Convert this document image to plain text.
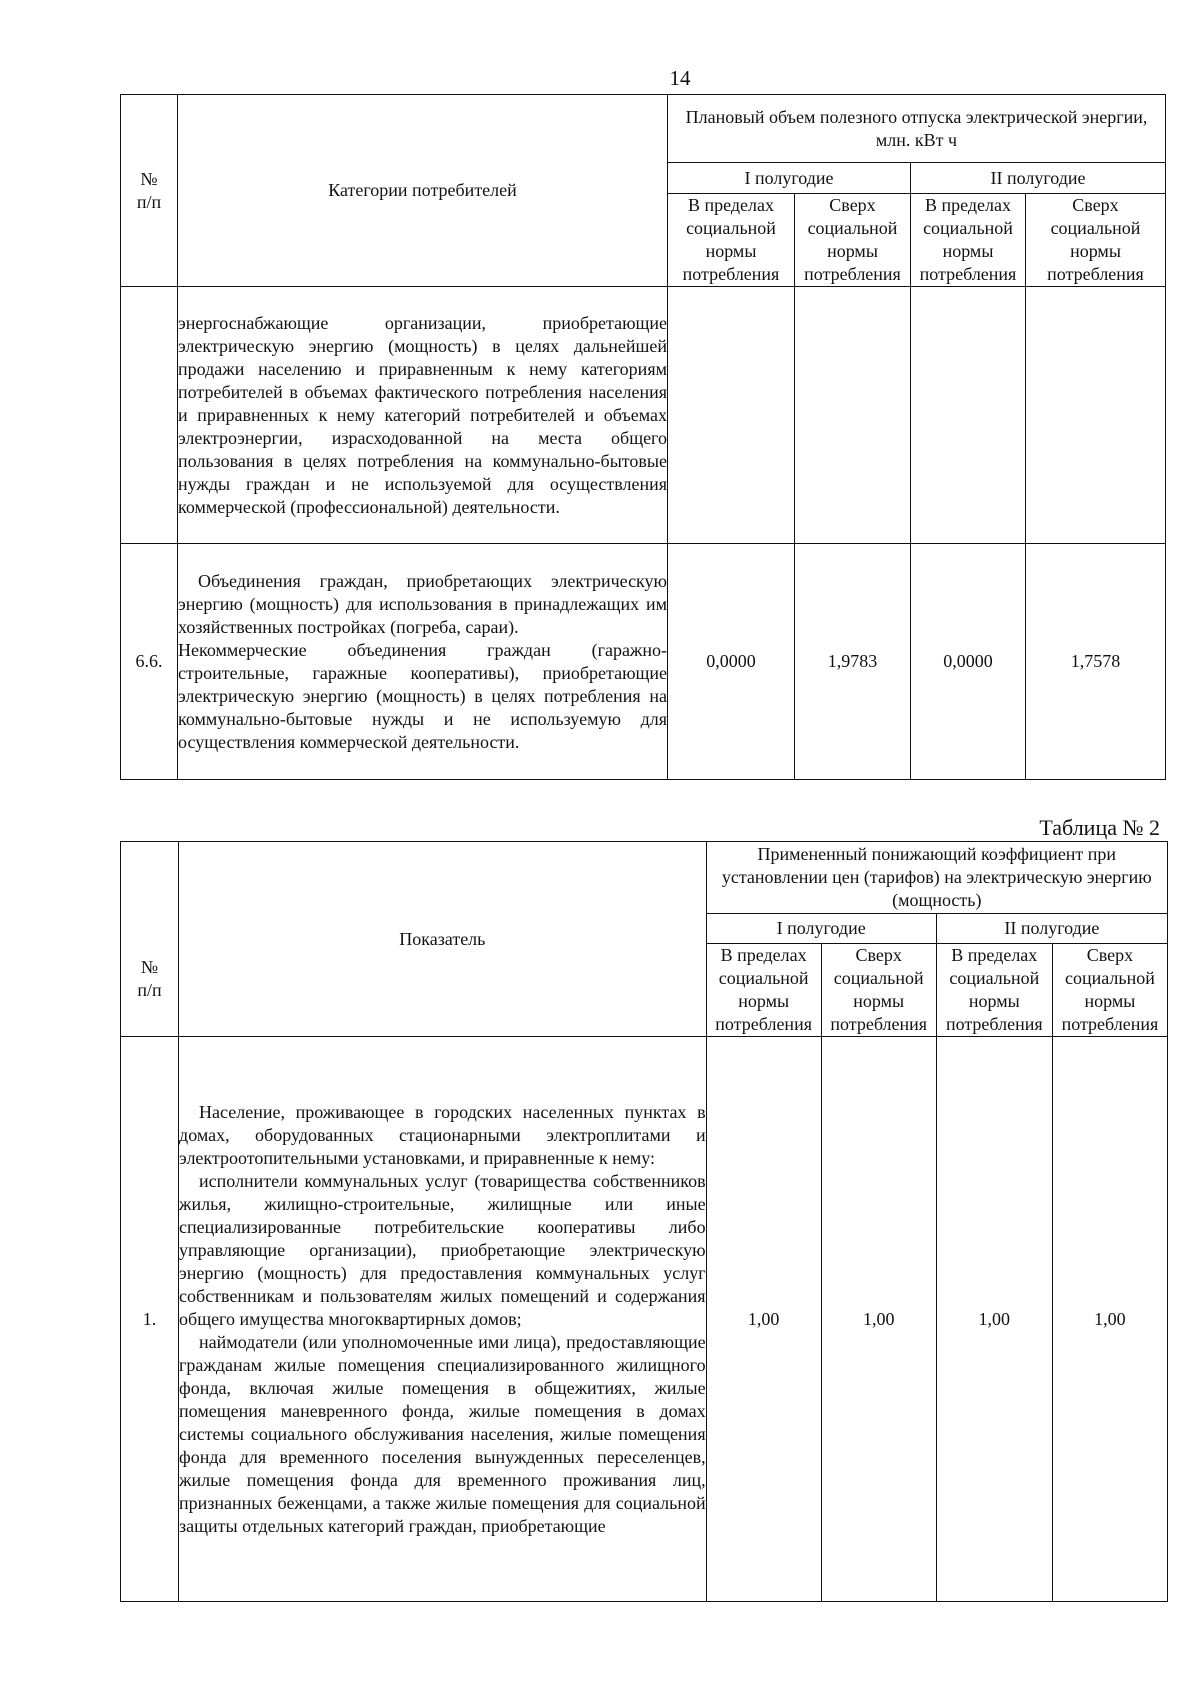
14
№
п/п	Категории потребителей	Плановый объем полезного отпуска электрической энергии,
млн. кВт ч			
		I полугодие		II полугодие	
		В пределах
социальной
нормы
потребления	Сверх
социальной
нормы
потребления	В пределах
социальной
нормы
потребления	Сверх
социальной
нормы
потребления

	энергоснабжающие организации, приобретающие электрическую энергию (мощность) в целях дальнейшей продажи населению и приравненным к нему категориям потребителей в объемах фактического потребления населения и приравненных к нему категорий потребителей и объемах электроэнергии, израсходованной на места общего пользования в целях потребления на коммунально-бытовые нужды граждан и не используемой для осуществления коммерческой (профессиональной) деятельности.				

6.6.	Объединения граждан, приобретающих электрическую энергию (мощность) для использования в принадлежащих им хозяйственных постройках (погреба, сараи).

Некоммерческие объединения граждан (гаражно-строительные, гаражные кооперативы), приобретающие электрическую энергию (мощность) в целях потребления на коммунально-бытовые нужды и не используемую для осуществления коммерческой деятельности.	0,0000	1,9783	0,0000	1,7578
Таблица № 2
№
п/п	Показатель	Примененный понижающий коэффициент при установлении цен (тарифов) на электрическую энергию (мощность)			
		I полугодие		II полугодие	
		В пределах
социальной
нормы
потребления	Сверх
социальной
нормы
потребления	В пределах
социальной
нормы
потребления	Сверх
социальной
нормы
потребления
1.	Население, проживающее в городских населенных пунктах в домах, оборудованных стационарными электроплитами и электроотопительными установками, и приравненные к нему:

исполнители коммунальных услуг (товарищества собственников жилья, жилищно-строительные, жилищные или иные специализированные потребительские кооперативы либо управляющие организации), приобретающие электрическую энергию (мощность) для предоставления коммунальных услуг собственникам и пользователям жилых помещений и содержания общего имущества многоквартирных домов;

наймодатели (или уполномоченные ими лица), предоставляющие гражданам жилые помещения специализированного жилищного фонда, включая жилые помещения в общежитиях, жилые помещения маневренного фонда, жилые помещения в домах системы социального обслуживания населения, жилые помещения фонда для временного поселения вынужденных переселенцев, жилые помещения фонда для временного проживания лиц, признанных беженцами, а также жилые помещения для социальной защиты отдельных категорий граждан, приобретающие	1,00	1,00	1,00	1,00
